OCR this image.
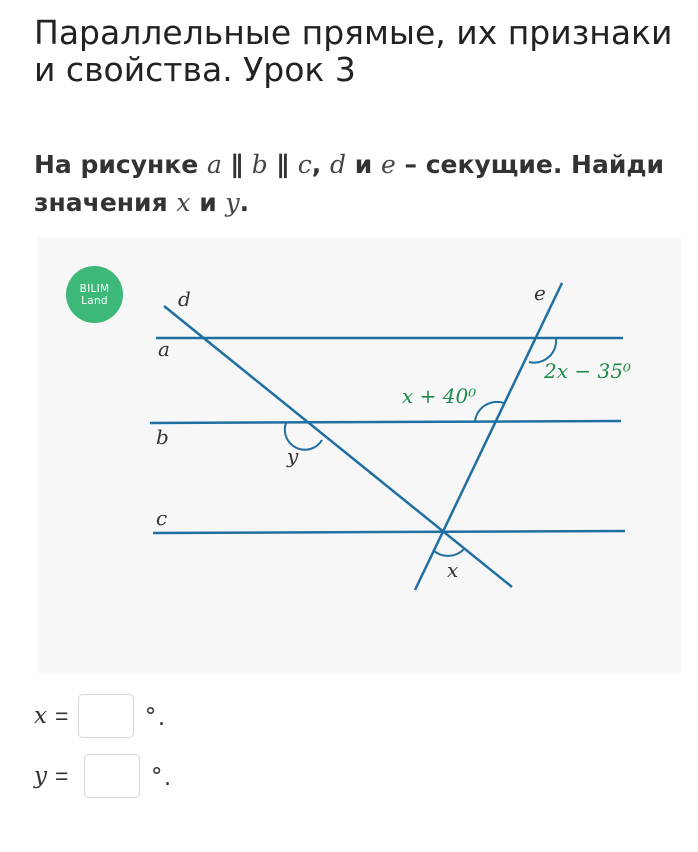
Параллельные прямые, их признаки и свойства. Урок 3
На рисунке a ∥ b ∥ c, d и e – секущие. Найди значения x и y.
d	e
a
b
c
2x − 35⁰
x + 40⁰
y
x
BILIM
Land
x =	∘ .
y =	∘ .
